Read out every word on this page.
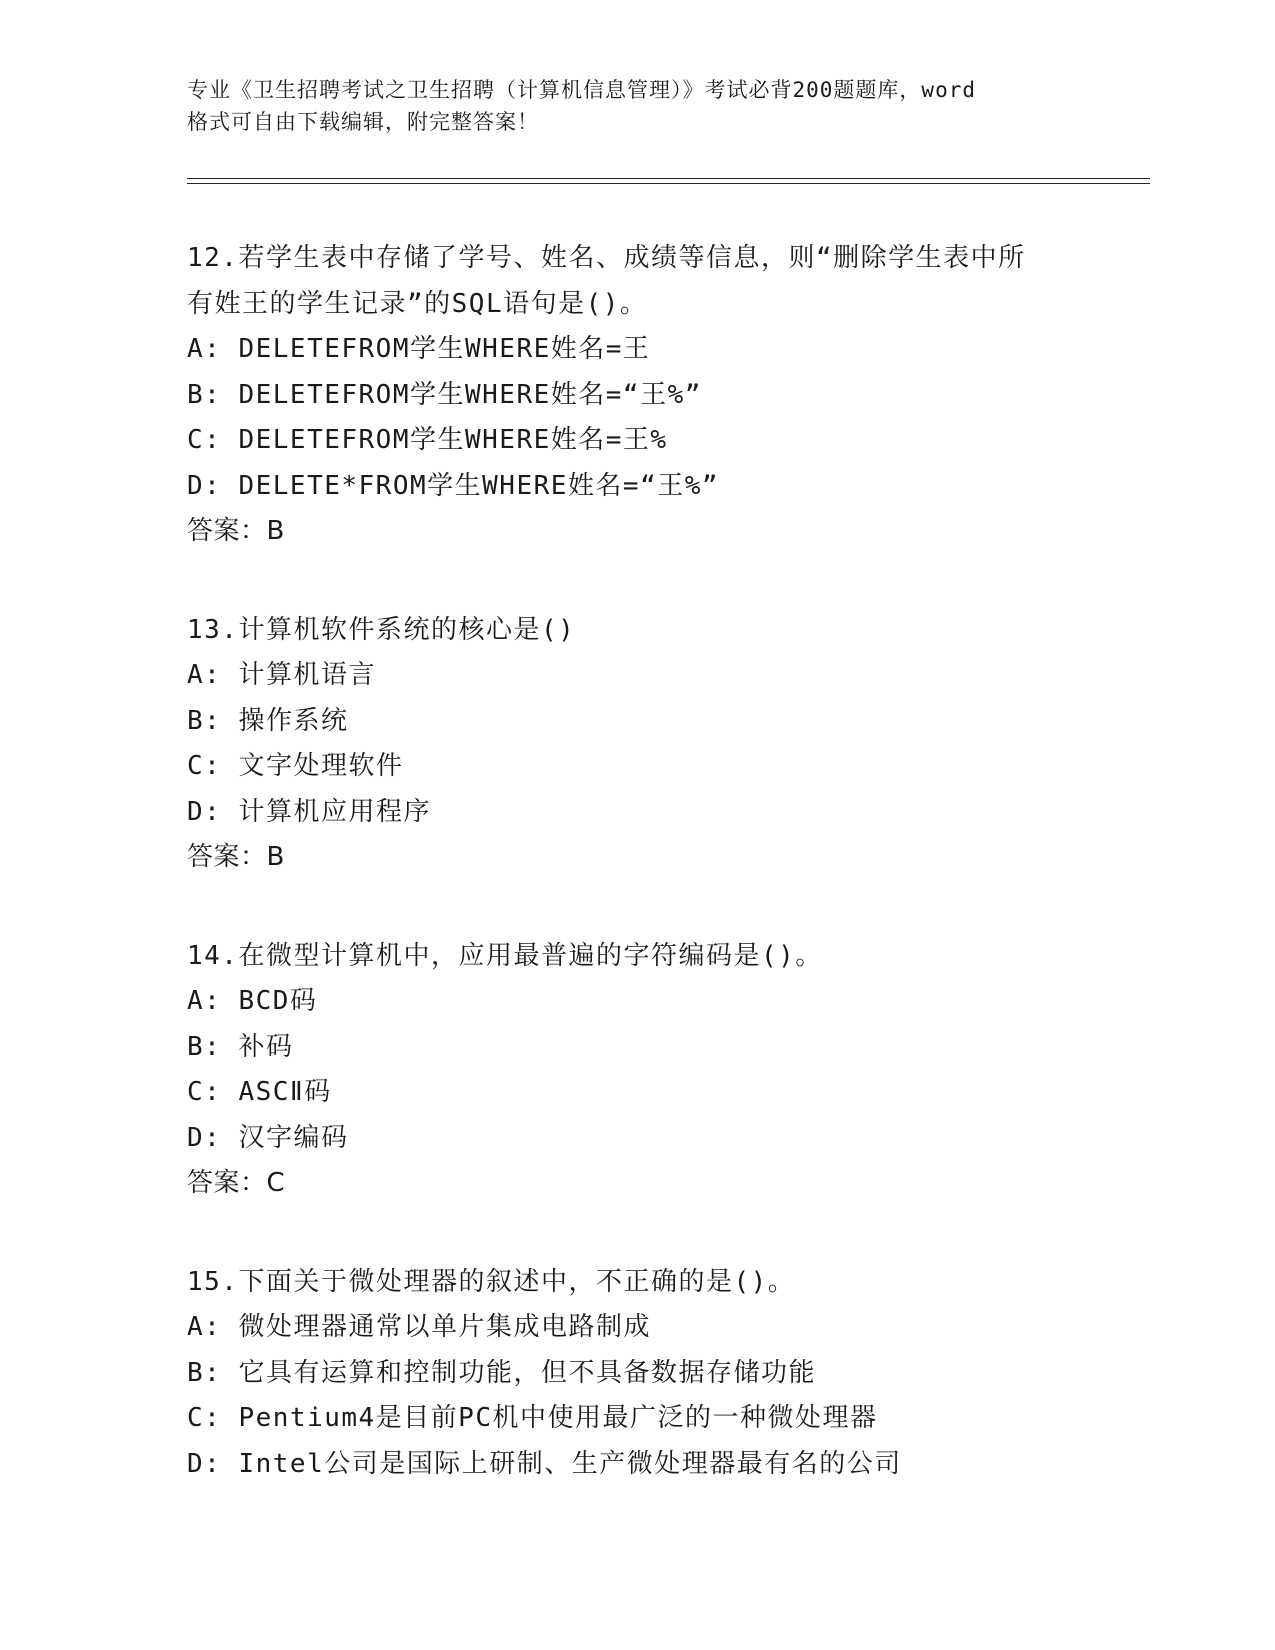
专业《卫生招聘考试之卫生招聘（计算机信息管理）》考试必背200题题库，word
格式可自由下载编辑，附完整答案！
12.若学生表中存储了学号、姓名、成绩等信息，则“删除学生表中所
有姓王的学生记录”的SQL语句是()。
A: DELETEFROM学生WHERE姓名=王
B: DELETEFROM学生WHERE姓名=“王%”
C: DELETEFROM学生WHERE姓名=王%
D: DELETE*FROM学生WHERE姓名=“王%”
答案：B
13.计算机软件系统的核心是()
A: 计算机语言
B: 操作系统
C: 文字处理软件
D: 计算机应用程序
答案：B
14.在微型计算机中，应用最普遍的字符编码是()。
A: BCD码
B: 补码
C: ASCⅡ码
D: 汉字编码
答案：C
15.下面关于微处理器的叙述中，不正确的是()。
A: 微处理器通常以单片集成电路制成
B: 它具有运算和控制功能，但不具备数据存储功能
C: Pentium4是目前PC机中使用最广泛的一种微处理器
D: Intel公司是国际上研制、生产微处理器最有名的公司
